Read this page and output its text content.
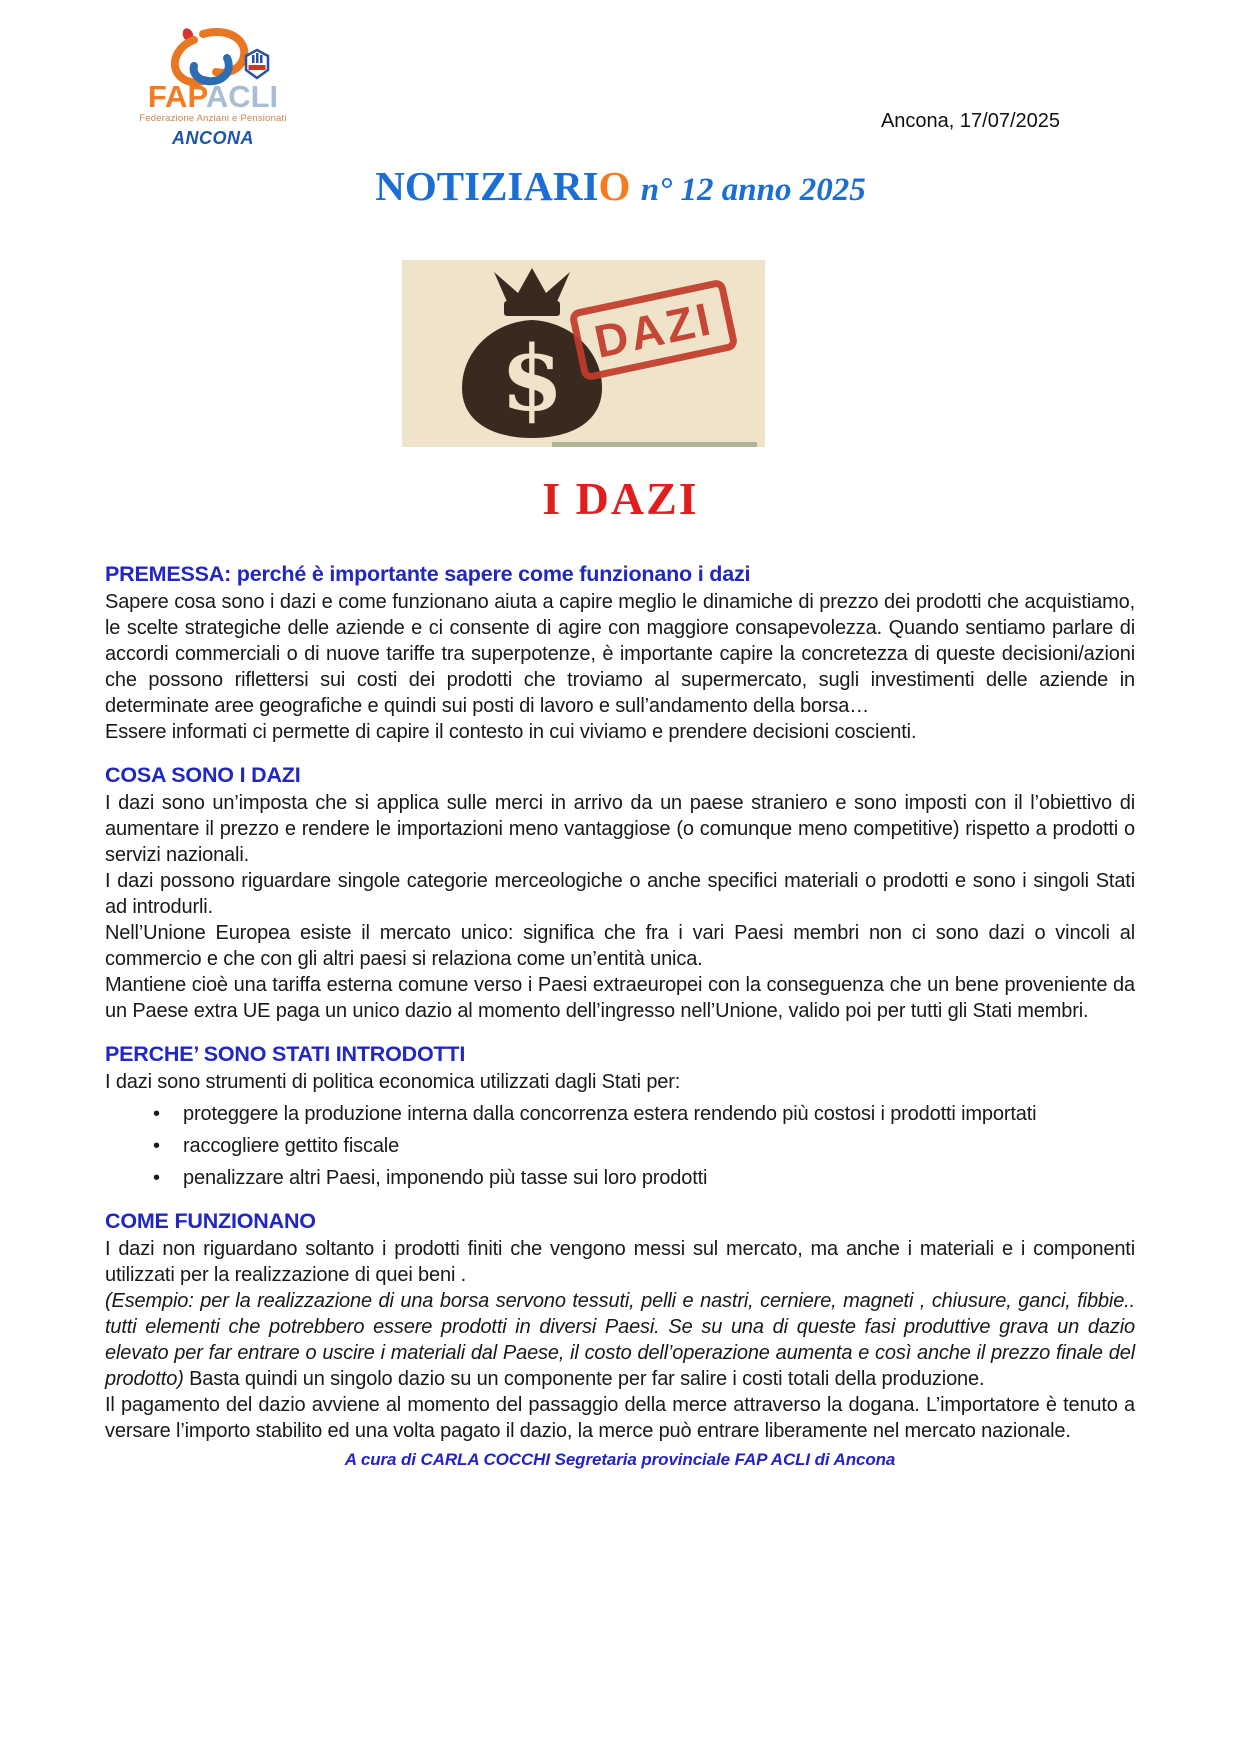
FAPACLI
Federazione Anziani e Pensionati
ANCONA
Ancona, 17/07/2025
NOTIZIARIO n° 12 anno 2025
$ DAZI
I DAZI
PREMESSA: perché è importante sapere come funzionano i dazi

Sapere cosa sono i dazi e come funzionano aiuta a capire meglio le dinamiche di prezzo dei prodotti che acquistiamo, le scelte strategiche delle aziende e ci consente di agire con maggiore consapevolezza. Quando sentiamo parlare di accordi commerciali o di nuove tariffe tra superpotenze, è importante capire la concretezza di queste decisioni/azioni che possono riflettersi sui costi dei prodotti che troviamo al supermercato, sugli investimenti delle aziende in determinate aree geografiche e quindi sui posti di lavoro e sull’andamento della borsa…

Essere informati ci permette di capire il contesto in cui viviamo e prendere decisioni coscienti.

COSA SONO I DAZI

I dazi sono un’imposta che si applica sulle merci in arrivo da un paese straniero e sono imposti con il l’obiettivo di aumentare il prezzo e rendere le importazioni meno vantaggiose (o comunque meno competitive) rispetto a prodotti o servizi nazionali.

I dazi possono riguardare singole categorie merceologiche o anche specifici materiali o prodotti e sono i singoli Stati ad introdurli.

Nell’Unione Europea esiste il mercato unico: significa che fra i vari Paesi membri non ci sono dazi o vincoli al commercio e che con gli altri paesi si relaziona come un’entità unica.

Mantiene cioè una tariffa esterna comune verso i Paesi extraeuropei con la conseguenza che un bene proveniente da un Paese extra UE paga un unico dazio al momento dell’ingresso nell’Unione, valido poi per tutti gli Stati membri.

PERCHE’ SONO STATI INTRODOTTI

I dazi sono strumenti di politica economica utilizzati dagli Stati per:

•	proteggere la produzione interna dalla concorrenza estera rendendo più costosi i prodotti importati
•	raccogliere gettito fiscale
•	penalizzare altri Paesi, imponendo più tasse sui loro prodotti
COME FUNZIONANO

I dazi non riguardano soltanto i prodotti finiti che vengono messi sul mercato, ma anche i materiali e i componenti utilizzati per la realizzazione di quei beni .

(Esempio: per la realizzazione di una borsa servono tessuti, pelli e nastri, cerniere, magneti , chiusure, ganci, fibbie.. tutti elementi che potrebbero essere prodotti in diversi Paesi. Se su una di queste fasi produttive grava un dazio elevato per far entrare o uscire i materiali dal Paese, il costo dell’operazione aumenta e così anche il prezzo finale del prodotto) Basta quindi un singolo dazio su un componente per far salire i costi totali della produzione.

Il pagamento del dazio avviene al momento del passaggio della merce attraverso la dogana. L’importatore è tenuto a versare l’importo stabilito ed una volta pagato il dazio, la merce può entrare liberamente nel mercato nazionale.

A cura di CARLA COCCHI Segretaria provinciale FAP ACLI di Ancona
